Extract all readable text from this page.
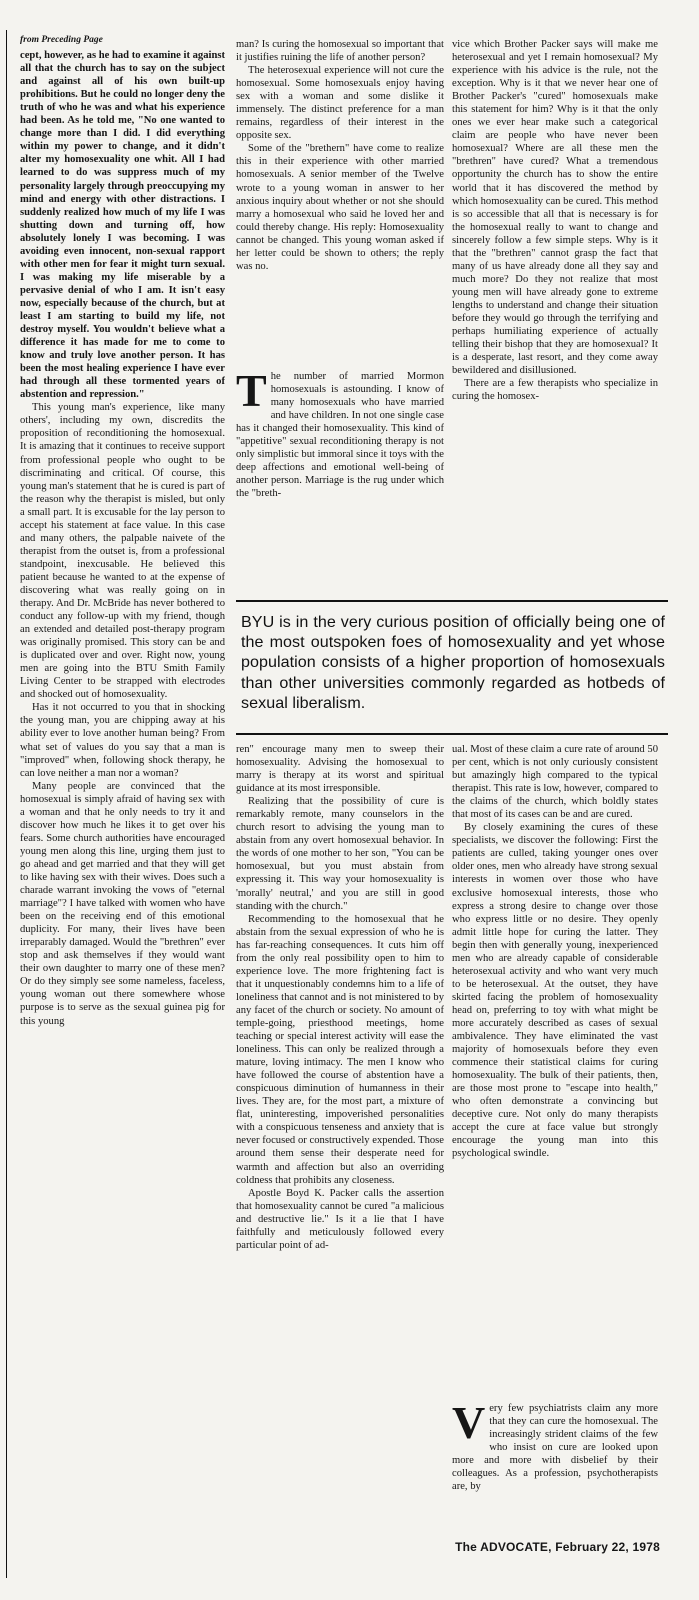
from Preceding Page

cept, however, as he had to examine it against all that the church has to say on the subject and against all of his own built-up prohibitions. But he could no longer deny the truth of who he was and what his experience had been. As he told me, "No one wanted to change more than I did. I did everything within my power to change, and it didn't alter my homosexuality one whit. All I had learned to do was suppress much of my personality largely through preoccupying my mind and energy with other distractions. I suddenly realized how much of my life I was shutting down and turning off, how absolutely lonely I was becoming. I was avoiding even innocent, non-sexual rapport with other men for fear it might turn sexual. I was making my life miserable by a pervasive denial of who I am. It isn't easy now, especially because of the church, but at least I am starting to build my life, not destroy myself. You wouldn't believe what a difference it has made for me to come to know and truly love another person. It has been the most healing experience I have ever had through all these tormented years of abstention and repression."

This young man's experience, like many others', including my own, discredits the proposition of reconditioning the homosexual. It is amazing that it continues to receive support from professional people who ought to be discriminating and critical. Of course, this young man's statement that he is cured is part of the reason why the therapist is misled, but only a small part. It is excusable for the lay person to accept his statement at face value. In this case and many others, the palpable naivete of the therapist from the outset is, from a professional standpoint, inexcusable. He believed this patient because he wanted to at the expense of discovering what was really going on in therapy. And Dr. McBride has never bothered to conduct any follow-up with my friend, though an extended and detailed post-therapy program was originally promised. This story can be and is duplicated over and over. Right now, young men are going into the BTU Smith Family Living Center to be strapped with electrodes and shocked out of homosexuality.

Has it not occurred to you that in shocking the young man, you are chipping away at his ability ever to love another human being? From what set of values do you say that a man is "improved" when, following shock therapy, he can love neither a man nor a woman?

Many people are convinced that the homosexual is simply afraid of having sex with a woman and that he only needs to try it and discover how much he likes it to get over his fears. Some church authorities have encouraged young men along this line, urging them just to go ahead and get married and that they will get to like having sex with their wives. Does such a charade warrant invoking the vows of "eternal marriage"? I have talked with women who have been on the receiving end of this emotional duplicity. For many, their lives have been irreparably damaged. Would the "brethren" ever stop and ask themselves if they would want their own daughter to marry one of these men? Or do they simply see some nameless, faceless, young woman out there somewhere whose purpose is to serve as the sexual guinea pig for this young

man? Is curing the homosexual so important that it justifies ruining the life of another person?

The heterosexual experience will not cure the homosexual. Some homosexuals enjoy having sex with a woman and some dislike it immensely. The distinct preference for a man remains, regardless of their interest in the opposite sex.

Some of the "brethern" have come to realize this in their experience with other married homosexuals. A senior member of the Twelve wrote to a young woman in answer to her anxious inquiry about whether or not she should marry a homosexual who said he loved her and could thereby change. His reply: Homosexuality cannot be changed. This young woman asked if her letter could be shown to others; the reply was no.

The number of married Mormon homosexuals is astounding. I know of many homosexuals who have married and have children. In not one single case has it changed their homosexuality. This kind of "appetitive" sexual reconditioning therapy is not only simplistic but immoral since it toys with the deep affections and emotional well-being of another person. Marriage is the rug under which the "breth-

vice which Brother Packer says will make me heterosexual and yet I remain homosexual? My experience with his advice is the rule, not the exception. Why is it that we never hear one of Brother Packer's "cured" homosexuals make this statement for him? Why is it that the only ones we ever hear make such a categorical claim are people who have never been homosexual? Where are all these men the "brethren" have cured? What a tremendous opportunity the church has to show the entire world that it has discovered the method by which homosexuality can be cured. This method is so accessible that all that is necessary is for the homosexual really to want to change and sincerely follow a few simple steps. Why is it that the "brethren" cannot grasp the fact that many of us have already done all they say and much more? Do they not realize that most young men will have already gone to extreme lengths to understand and change their situation before they would go through the terrifying and perhaps humiliating experience of actually telling their bishop that they are homosexual? It is a desperate, last resort, and they come away bewildered and disillusioned.

There are a few therapists who specialize in curing the homosex-

BYU is in the very curious position of officially being one of the most outspoken foes of homosexuality and yet whose population consists of a higher proportion of homosexuals than other universities commonly regarded as hotbeds of sexual liberalism.

ren" encourage many men to sweep their homosexuality. Advising the homosexual to marry is therapy at its worst and spiritual guidance at its most irresponsible.

Realizing that the possibility of cure is remarkably remote, many counselors in the church resort to advising the young man to abstain from any overt homosexual behavior. In the words of one mother to her son, "You can be homosexual, but you must abstain from expressing it. This way your homosexuality is 'morally' neutral,' and you are still in good standing with the church."

Recommending to the homosexual that he abstain from the sexual expression of who he is has far-reaching consequences. It cuts him off from the only real possibility open to him to experience love. The more frightening fact is that it unquestionably condemns him to a life of loneliness that cannot and is not ministered to by any facet of the church or society. No amount of temple-going, priesthood meetings, home teaching or special interest activity will ease the loneliness. This can only be realized through a mature, loving intimacy. The men I know who have followed the course of abstention have a conspicuous diminution of humanness in their lives. They are, for the most part, a mixture of flat, uninteresting, impoverished personalities with a conspicuous tenseness and anxiety that is never focused or constructively expended. Those around them sense their desperate need for warmth and affection but also an overriding coldness that prohibits any closeness.

Apostle Boyd K. Packer calls the assertion that homosexuality cannot be cured "a malicious and destructive lie." Is it a lie that I have faithfully and meticulously followed every particular point of ad-

ual. Most of these claim a cure rate of around 50 per cent, which is not only curiously consistent but amazingly high compared to the typical therapist. This rate is low, however, compared to the claims of the church, which boldly states that most of its cases can be and are cured.

By closely examining the cures of these specialists, we discover the following: First the patients are culled, taking younger ones over older ones, men who already have strong sexual interests in women over those who have exclusive homosexual interests, those who express a strong desire to change over those who express little or no desire. They openly admit little hope for curing the latter. They begin then with generally young, inexperienced men who are already capable of considerable heterosexual activity and who want very much to be heterosexual. At the outset, they have skirted facing the problem of homosexuality head on, preferring to toy with what might be more accurately described as cases of sexual ambivalence. They have eliminated the vast majority of homosexuals before they even commence their statistical claims for curing homosexuality. The bulk of their patients, then, are those most prone to "escape into health," who often demonstrate a convincing but deceptive cure. Not only do many therapists accept the cure at face value but strongly encourage the young man into this psychological swindle.

Very few psychiatrists claim any more that they can cure the homosexual. The increasingly strident claims of the few who insist on cure are looked upon more and more with disbelief by their colleagues. As a profession, psychotherapists are, by

The ADVOCATE, February 22, 1978
